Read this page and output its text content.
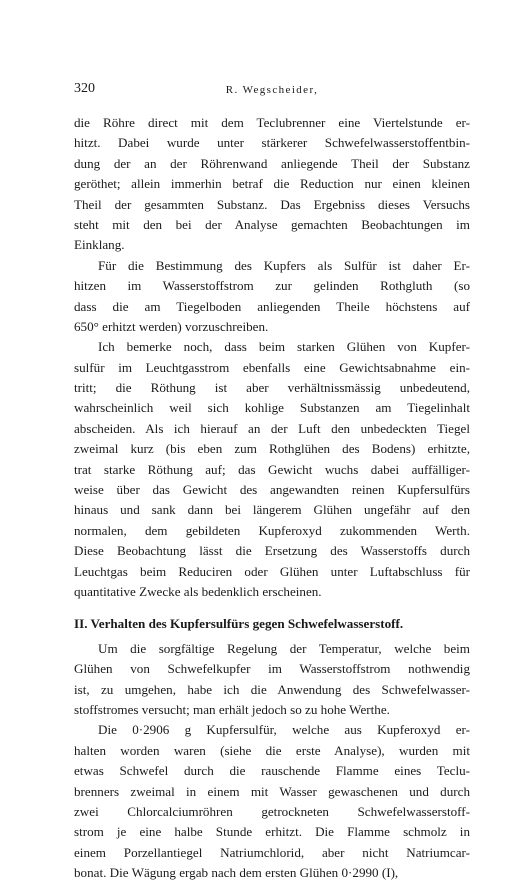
320	R. Wegscheider,
die Röhre direct mit dem Teclubrenner eine Viertelstunde er-
hitzt. Dabei wurde unter stärkerer Schwefelwasserstoffentbin-
dung der an der Röhrenwand anliegende Theil der Substanz
geröthet; allein immerhin betraf die Reduction nur einen kleinen
Theil der gesammten Substanz. Das Ergebniss dieses Versuchs
steht mit den bei der Analyse gemachten Beobachtungen im
Einklang.
Für die Bestimmung des Kupfers als Sulfür ist daher Er-
hitzen im Wasserstoffstrom zur gelinden Rothgluth (so
dass die am Tiegelboden anliegenden Theile höchstens auf
650° erhitzt werden) vorzuschreiben.
Ich bemerke noch, dass beim starken Glühen von Kupfer-
sulfür im Leuchtgasstrom ebenfalls eine Gewichtsabnahme ein-
tritt; die Röthung ist aber verhältnissmässig unbedeutend,
wahrscheinlich weil sich kohlige Substanzen am Tiegelinhalt
abscheiden. Als ich hierauf an der Luft den unbedeckten Tiegel
zweimal kurz (bis eben zum Rothglühen des Bodens) erhitzte,
trat starke Röthung auf; das Gewicht wuchs dabei auffälliger-
weise über das Gewicht des angewandten reinen Kupfersulfürs
hinaus und sank dann bei längerem Glühen ungefähr auf den
normalen, dem gebildeten Kupferoxyd zukommenden Werth.
Diese Beobachtung lässt die Ersetzung des Wasserstoffs durch
Leuchtgas beim Reduciren oder Glühen unter Luftabschluss für
quantitative Zwecke als bedenklich erscheinen.
II. Verhalten des Kupfersulfürs gegen Schwefelwasserstoff.
Um die sorgfältige Regelung der Temperatur, welche beim
Glühen von Schwefelkupfer im Wasserstoffstrom nothwendig
ist, zu umgehen, habe ich die Anwendung des Schwefelwasser-
stoffstromes versucht; man erhält jedoch so zu hohe Werthe.
Die 0·2906 g Kupfersulfür, welche aus Kupferoxyd er-
halten worden waren (siehe die erste Analyse), wurden mit
etwas Schwefel durch die rauschende Flamme eines Teclu-
brenners zweimal in einem mit Wasser gewaschenen und durch
zwei Chlorcalciumröhren getrockneten Schwefelwasserstoff-
strom je eine halbe Stunde erhitzt. Die Flamme schmolz in
einem Porzellantiegel Natriumchlorid, aber nicht Natriumcar-
bonat. Die Wägung ergab nach dem ersten Glühen 0·2990 (I),
